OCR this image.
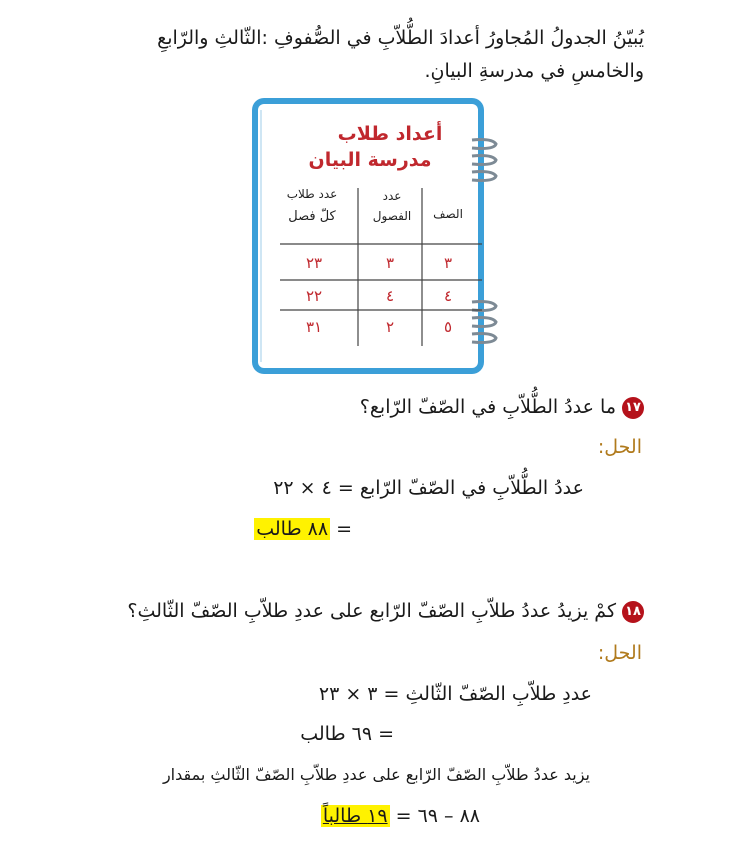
يُبيّنُ الجدولُ المُجاورُ أعدادَ الطُّلاّبِ في الصُّفوفِ :الثّالثِ والرّابعِ
والخامسِ في مدرسةِ البيانِ.
أعداد طلاب
مدرسة البيان
الصف
عدد
الفصول
عدد طلاب
كلّ فصل
٣
٣
٢٣
٤
٤
٢٢
٥
٢
٣١
١٧ما عددُ الطُّلاّبِ في الصّفّ الرّابع؟
الحل:
عددُ الطُّلاّبِ في الصّفّ الرّابع = ٤ × ٢٢
= ٨٨ طالب
١٨كمْ يزيدُ عددُ طلاّبِ الصّفّ الرّابع على عددِ طلاّبِ الصّفّ الثّالثِ؟
الحل:
عددِ طلاّبِ الصّفّ الثّالثِ = ٣ × ٢٣
= ٦٩ طالب
يزيد عددُ طلاّبِ الصّفّ الرّابع على عددِ طلاّبِ الصّفّ الثّالثِ بمقدار
٨٨ – ٦٩ = ١٩ طالباً
